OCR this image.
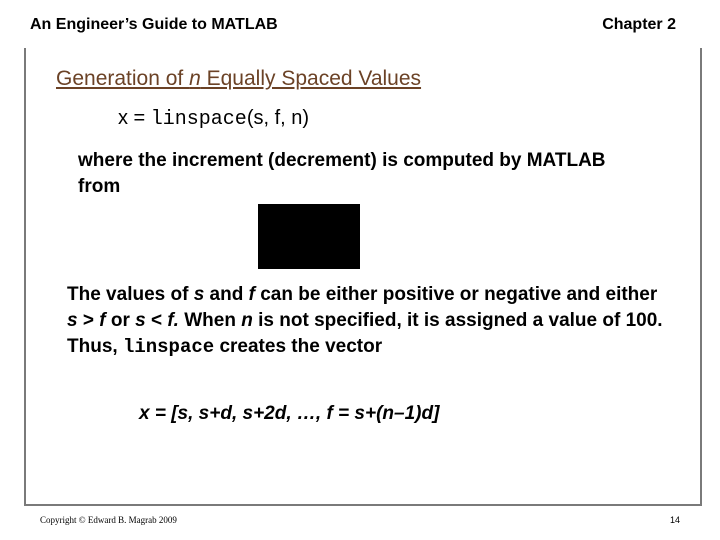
An Engineer’s Guide to MATLAB	Chapter 2
Generation of n Equally Spaced Values
x = linspace(s, f, n)
where the increment (decrement) is computed by MATLAB from
The values of s and f can be either positive or negative and either s > f or s < f. When n is not specified, it is assigned a value of 100. Thus, linspace creates the vector
x = [s, s+d, s+2d, …, f = s+(n–1)d]
Copyright © Edward B. Magrab 2009	14
